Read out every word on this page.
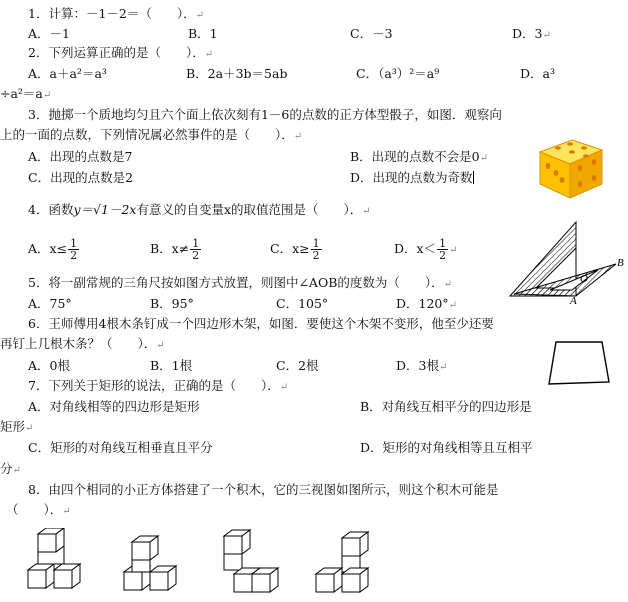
1．计算：－1－2＝（　　）．↵
A．－1	B．1	C．－3	D．3↵
2．下列运算正确的是（　　）．↵
A．a＋a²＝a³	B．2a＋3b＝5ab	C．（a³）²＝a⁹	D．a³
÷a²＝a↵
3．抛掷一个质地均匀且六个面上依次刻有1－6的点数的正方体型骰子，如图．观察向
上的一面的点数，下列情况属必然事件的是（　　）．↵
A．出现的点数是7	B．出现的点数不会是0↵
C．出现的点数是2	D．出现的点数为奇数
4．函数y＝√1－2x有意义的自变量x的取值范围是（　　）．↵
A．$x\le \frac{1}{2}$	B．$x\ne \frac{1}{2}$	C．$x\ge \frac{1}{2}$	D．$x< \frac{1}{2}$ ↵
5．将一副常规的三角尺按如图方式放置，则图中∠AOB的度数为（　　）．↵
A．75°	B．95°	C．105°	D．120°↵
B
O
A
6．王师傅用4根木条钉成一个四边形木架，如图．要使这个木架不变形，他至少还要
再钉上几根木条？（　　）．↵
A．0根	B．1根	C．2根	D．3根↵
7．下列关于矩形的说法，正确的是（　　）．↵
A．对角线相等的四边形是矩形	B．对角线互相平分的四边形是
矩形↵
C．矩形的对角线互相垂直且平分	D．矩形的对角线相等且互相平
分↵
8．由四个相同的小正方体搭建了一个积木，它的三视图如图所示，则这个积木可能是
（　　）．↵
